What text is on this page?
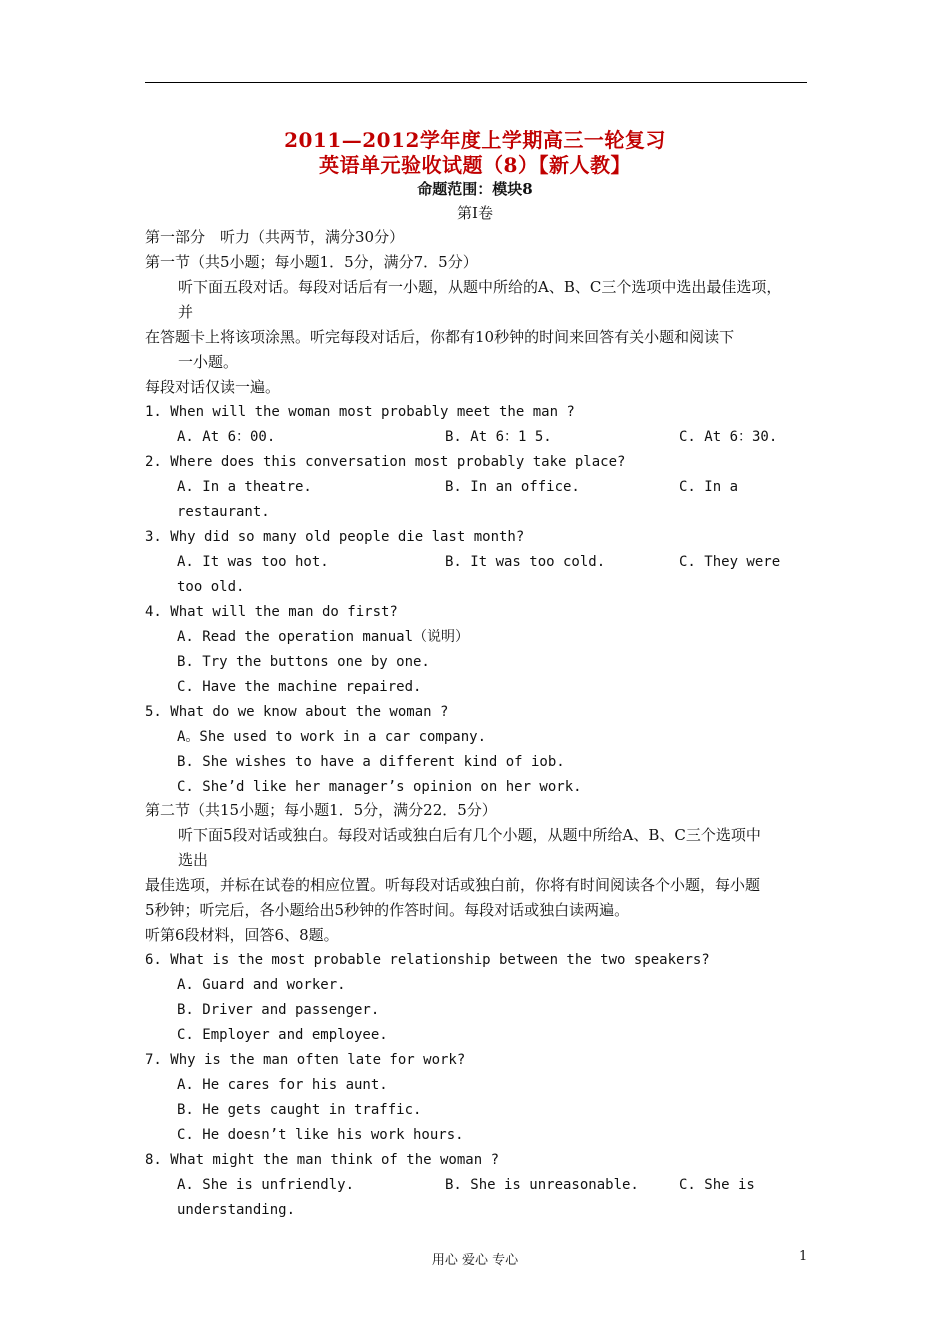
2011—2012学年度上学期高三一轮复习
英语单元验收试题（8）【新人教】
命题范围：模块8
第Ⅰ卷
第一部分　听力（共两节，满分30分）
第一节（共5小题；每小题1．5分，满分7．5分）
听下面五段对话。每段对话后有一小题，从题中所给的A、B、C三个选项中选出最佳选项，
并
在答题卡上将该项涂黑。听完每段对话后，你都有10秒钟的时间来回答有关小题和阅读下
一小题。
每段对话仅读一遍。
1. When will the woman most probably meet the man ?
A. At 6：00.	B. At 6：1 5.	C. At 6：30.
2. Where does this conversation most probably take place?
A. In a theatre.	B. In an office.	C. In a
restaurant.
3. Why did so many old people die last month?
A. It was too hot.	B. It was too cold.	C. They were
too old.
4. What will the man do first?
A. Read the operation manual（说明）
B. Try the buttons one by one.
C. Have the machine repaired.
5. What do we know about the woman ?
A。She used to work in a car company.
B. She wishes to have a different kind of iob.
C. She’d like her manager’s opinion on her work.
第二节（共15小题；每小题1．5分，满分22．5分）
听下面5段对话或独白。每段对话或独白后有几个小题，从题中所给A、B、C三个选项中
选出
最佳选项，并标在试卷的相应位置。听每段对话或独白前，你将有时间阅读各个小题，每小题
5秒钟；听完后，各小题给出5秒钟的作答时间。每段对话或独白读两遍。
听第6段材料，回答6、8题。
6. What is the most probable relationship between the two speakers?
A. Guard and worker.
B. Driver and passenger.
C. Employer and employee.
7. Why is the man often late for work?
A. He cares for his aunt.
B. He gets caught in traffic.
C. He doesn’t like his work hours.
8. What might the man think of the woman ?
A. She is unfriendly.	B. She is unreasonable.	C. She is
understanding.
用心 爱心 专心	1
